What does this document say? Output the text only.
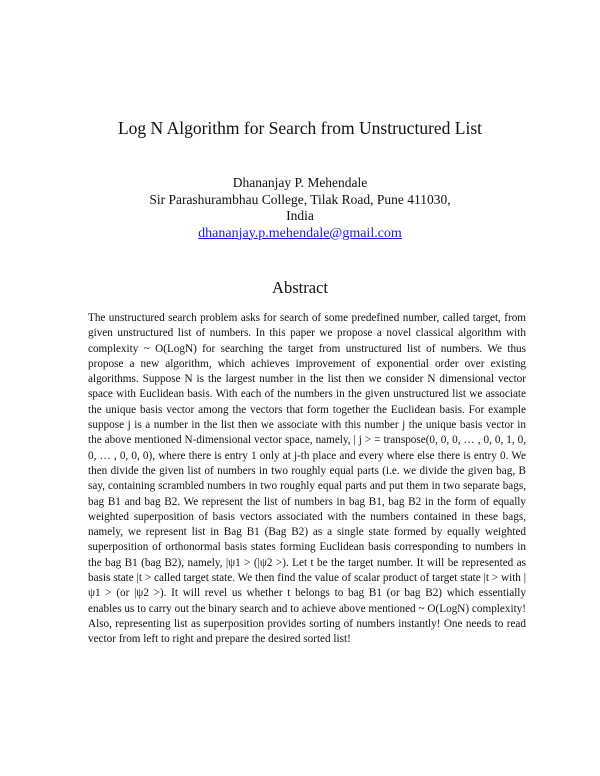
Log N Algorithm for Search from Unstructured List
Dhananjay P. Mehendale
Sir Parashurambhau College, Tilak Road, Pune 411030,
India
dhananjay.p.mehendale@gmail.com
Abstract

The unstructured search problem asks for search of some predefined number, called target, from given unstructured list of numbers. In this paper we propose a novel classical algorithm with complexity ~ O(LogN) for searching the target from unstructured list of numbers. We thus propose a new algorithm, which achieves improvement of exponential order over existing algorithms. Suppose N is the largest number in the list then we consider N dimensional vector space with Euclidean basis. With each of the numbers in the given unstructured list we associate the unique basis vector among the vectors that form together the Euclidean basis. For example suppose j is a number in the list then we associate with this number j the unique basis vector in the above mentioned N-dimensional vector space, namely, | j > = transpose(0, 0, 0, … , 0, 0, 1, 0, 0, … , 0, 0, 0), where there is entry 1 only at j-th place and every where else there is entry 0. We then divide the given list of numbers in two roughly equal parts (i.e. we divide the given bag, B say, containing scrambled numbers in two roughly equal parts and put them in two separate bags, bag B1 and bag B2. We represent the list of numbers in bag B1, bag B2 in the form of equally weighted superposition of basis vectors associated with the numbers contained in these bags, namely, we represent list in Bag B1 (Bag B2) as a single state formed by equally weighted superposition of orthonormal basis states forming Euclidean basis corresponding to numbers in the bag B1 (bag B2), namely, |ψ1 > (|ψ2 >). Let t be the target number. It will be represented as basis state |t > called target state. We then find the value of scalar product of target state |t > with |ψ1 > (or |ψ2 >). It will revel us whether t belongs to bag B1 (or bag B2) which essentially enables us to carry out the binary search and to achieve above mentioned ~ O(LogN) complexity! Also, representing list as superposition provides sorting of numbers instantly! One needs to read vector from left to right and prepare the desired sorted list!
